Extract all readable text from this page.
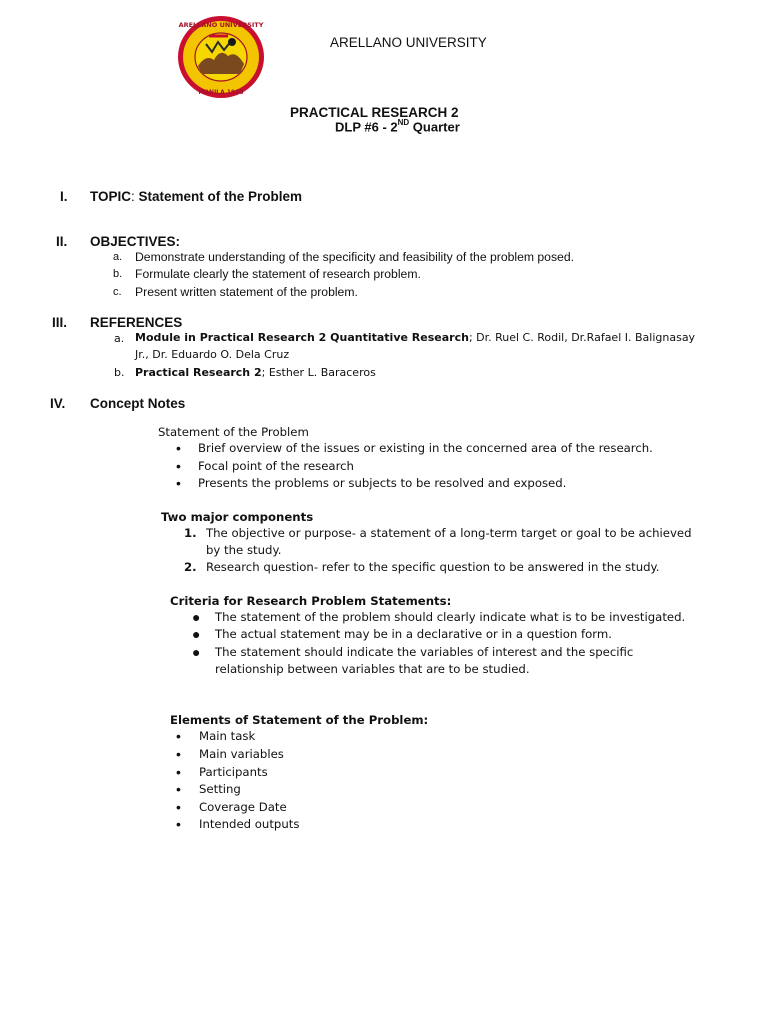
ARELLANO UNIVERSITY
MANILA 1938
ARELLANO UNIVERSITY
PRACTICAL RESEARCH 2
DLP #6 - 2ND Quarter
I. TOPIC: Statement of the Problem
II. OBJECTIVES:
a. Demonstrate understanding of the specificity and feasibility of the problem posed.
b. Formulate clearly the statement of research problem.
c. Present written statement of the problem.
III. REFERENCES
a. Module in Practical Research 2 Quantitative Research; Dr. Ruel C. Rodil, Dr.Rafael I. Balignasay
Jr., Dr. Eduardo O. Dela Cruz
b. Practical Research 2; Esther L. Baraceros
IV. Concept Notes
Statement of the Problem
• Brief overview of the issues or existing in the concerned area of the research.
• Focal point of the research
• Presents the problems or subjects to be resolved and exposed.
Two major components
1. The objective or purpose- a statement of a long-term target or goal to be achieved
by the study.
2. Research question- refer to the specific question to be answered in the study.
Criteria for Research Problem Statements:
● The statement of the problem should clearly indicate what is to be investigated.
● The actual statement may be in a declarative or in a question form.
● The statement should indicate the variables of interest and the specific
relationship between variables that are to be studied.
Elements of Statement of the Problem:
• Main task
• Main variables
• Participants
• Setting
• Coverage Date
• Intended outputs
